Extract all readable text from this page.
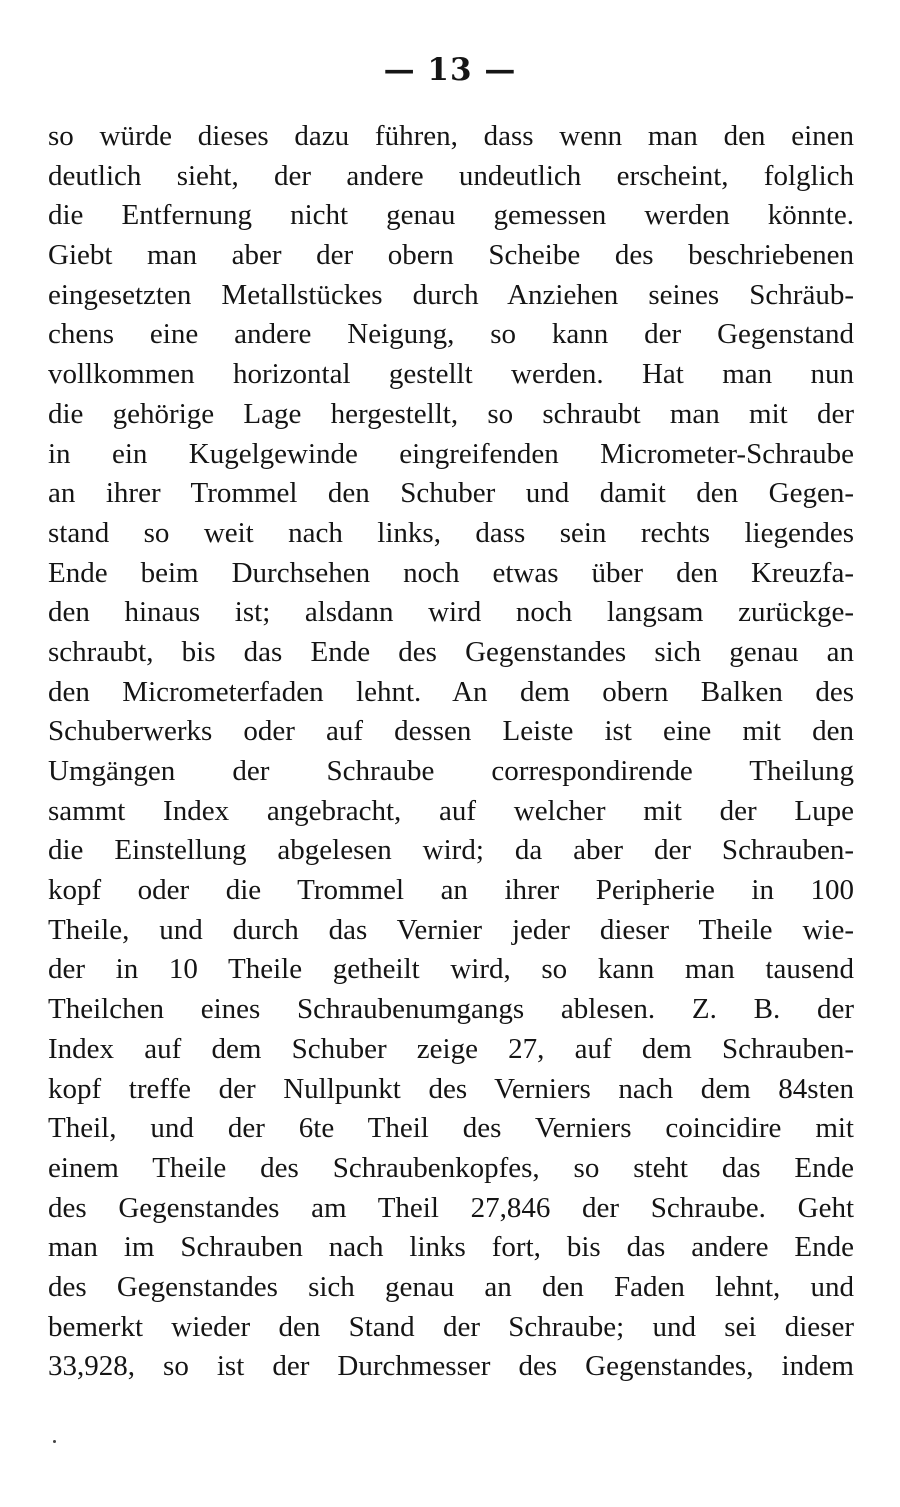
— 13 —
so würde dieses dazu führen, dass wenn man den einen
deutlich sieht, der andere undeutlich erscheint, folglich
die Entfernung nicht genau gemessen werden könnte.
Giebt man aber der obern Scheibe des beschriebenen
eingesetzten Metallstückes durch Anziehen seines Schräub-
chens eine andere Neigung, so kann der Gegenstand
vollkommen horizontal gestellt werden. Hat man nun
die gehörige Lage hergestellt, so schraubt man mit der
in ein Kugelgewinde eingreifenden Micrometer-Schraube
an ihrer Trommel den Schuber und damit den Gegen-
stand so weit nach links, dass sein rechts liegendes
Ende beim Durchsehen noch etwas über den Kreuzfa-
den hinaus ist; alsdann wird noch langsam zurückge-
schraubt, bis das Ende des Gegenstandes sich genau an
den Micrometerfaden lehnt. An dem obern Balken des
Schuberwerks oder auf dessen Leiste ist eine mit den
Umgängen der Schraube correspondirende Theilung
sammt Index angebracht, auf welcher mit der Lupe
die Einstellung abgelesen wird; da aber der Schrauben-
kopf oder die Trommel an ihrer Peripherie in 100
Theile, und durch das Vernier jeder dieser Theile wie-
der in 10 Theile getheilt wird, so kann man tausend
Theilchen eines Schraubenumgangs ablesen. Z. B. der
Index auf dem Schuber zeige 27, auf dem Schrauben-
kopf treffe der Nullpunkt des Verniers nach dem 84sten
Theil, und der 6te Theil des Verniers coincidire mit
einem Theile des Schraubenkopfes, so steht das Ende
des Gegenstandes am Theil 27,846 der Schraube. Geht
man im Schrauben nach links fort, bis das andere Ende
des Gegenstandes sich genau an den Faden lehnt, und
bemerkt wieder den Stand der Schraube; und sei dieser
33,928, so ist der Durchmesser des Gegenstandes, indem
